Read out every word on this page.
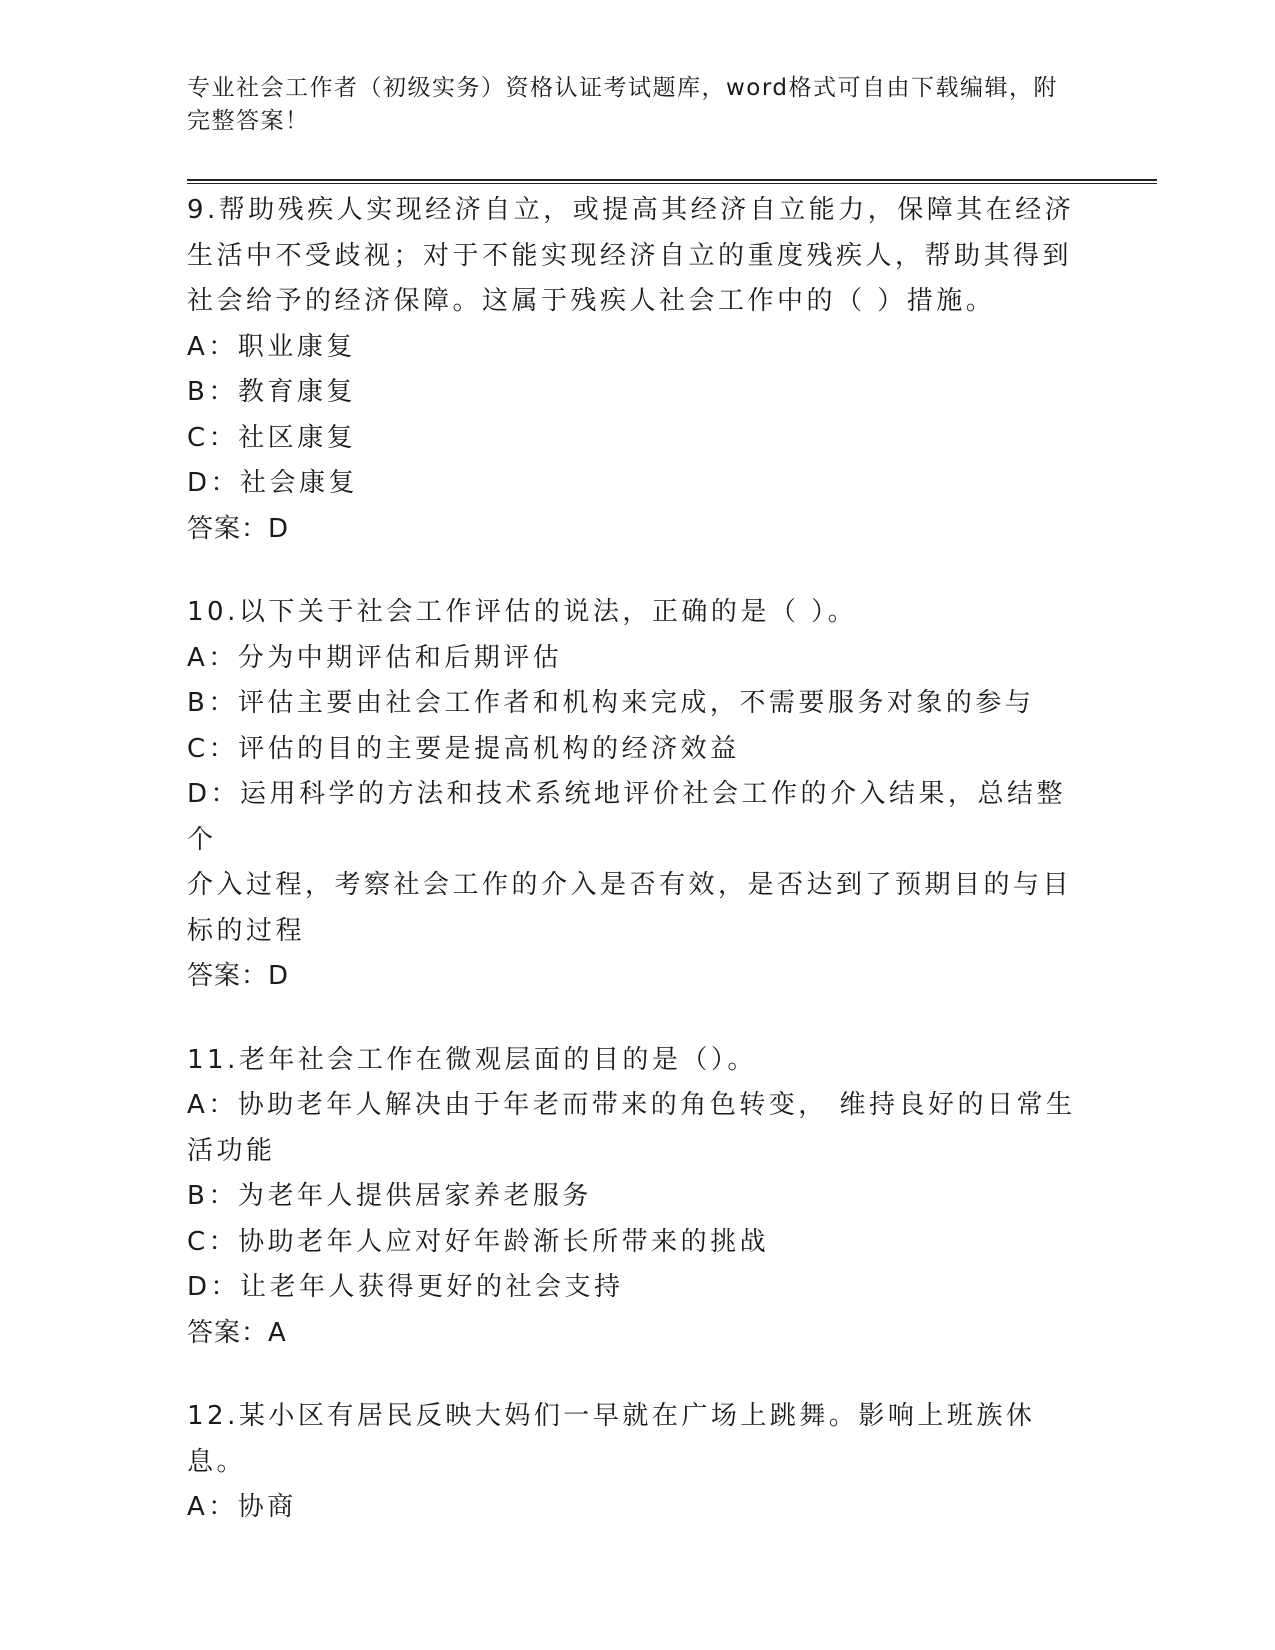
专业社会工作者（初级实务）资格认证考试题库，word格式可自由下载编辑，附完整答案！
9.帮助残疾人实现经济自立，或提高其经济自立能力，保障其在经济
生活中不受歧视；对于不能实现经济自立的重度残疾人，帮助其得到
社会给予的经济保障。这属于残疾人社会工作中的（ ）措施。
A：职业康复
B：教育康复
C：社区康复
D：社会康复
答案：D
10.以下关于社会工作评估的说法，正确的是（ ）。
A：分为中期评估和后期评估
B：评估主要由社会工作者和机构来完成，不需要服务对象的参与
C：评估的目的主要是提高机构的经济效益
D：运用科学的方法和技术系统地评价社会工作的介入结果，总结整个
介入过程，考察社会工作的介入是否有效，是否达到了预期目的与目
标的过程
答案：D
11.老年社会工作在微观层面的目的是（）。
A：协助老年人解决由于年老而带来的角色转变， 维持良好的日常生
活功能
B：为老年人提供居家养老服务
C：协助老年人应对好年龄渐长所带来的挑战
D：让老年人获得更好的社会支持
答案：A
12.某小区有居民反映大妈们一早就在广场上跳舞。影响上班族休息。
A：协商
